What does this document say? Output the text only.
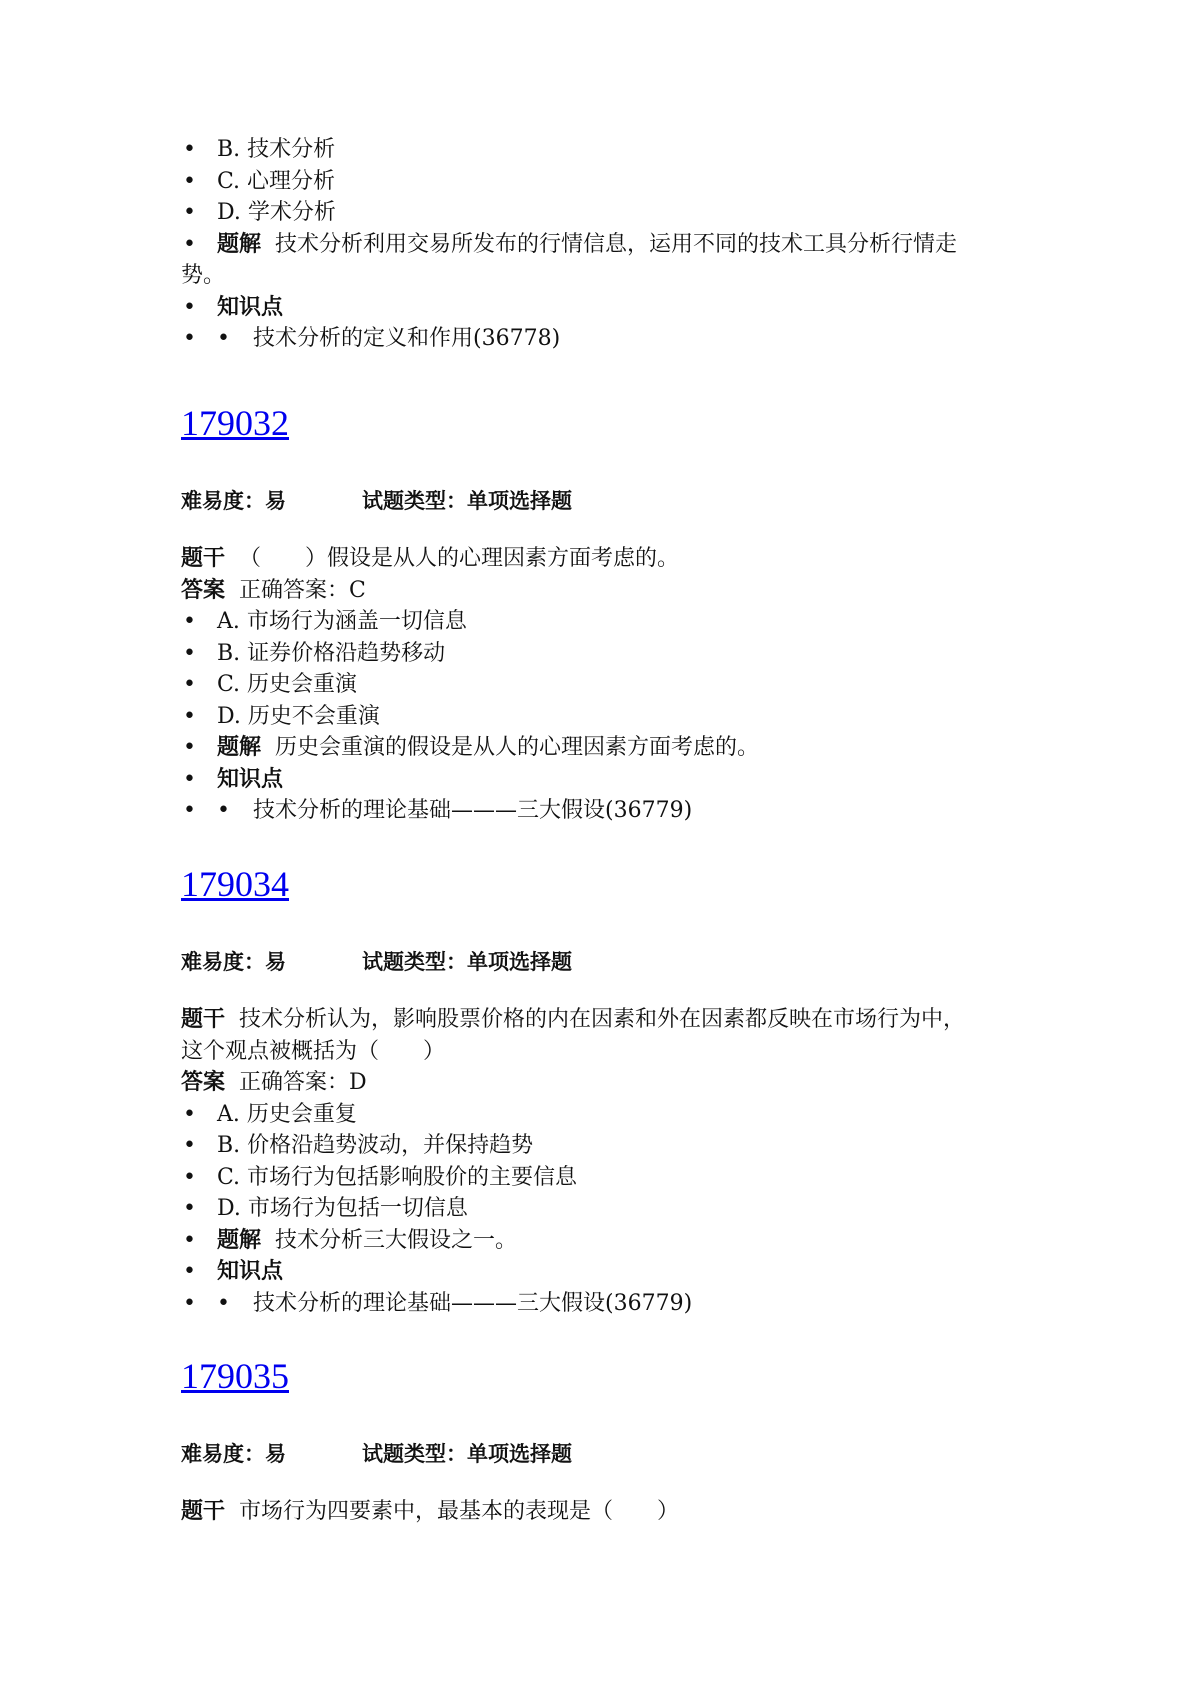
• B. 技术分析
• C. 心理分析
• D. 学术分析
• 题解 技术分析利用交易所发布的行情信息，运用不同的技术工具分析行情走
势。
• 知识点
• • 技术分析的定义和作用(36778)
179032
难易度：易	试题类型：单项选择题
题干 （　　）假设是从人的心理因素方面考虑的。
答案 正确答案：C
• A. 市场行为涵盖一切信息
• B. 证券价格沿趋势移动
• C. 历史会重演
• D. 历史不会重演
• 题解 历史会重演的假设是从人的心理因素方面考虑的。
• 知识点
• • 技术分析的理论基础———三大假设(36779)
179034
难易度：易	试题类型：单项选择题
题干 技术分析认为，影响股票价格的内在因素和外在因素都反映在市场行为中，
这个观点被概括为（　　）
答案 正确答案：D
• A. 历史会重复
• B. 价格沿趋势波动，并保持趋势
• C. 市场行为包括影响股价的主要信息
• D. 市场行为包括一切信息
• 题解 技术分析三大假设之一。
• 知识点
• • 技术分析的理论基础———三大假设(36779)
179035
难易度：易	试题类型：单项选择题
题干 市场行为四要素中，最基本的表现是（　　）
